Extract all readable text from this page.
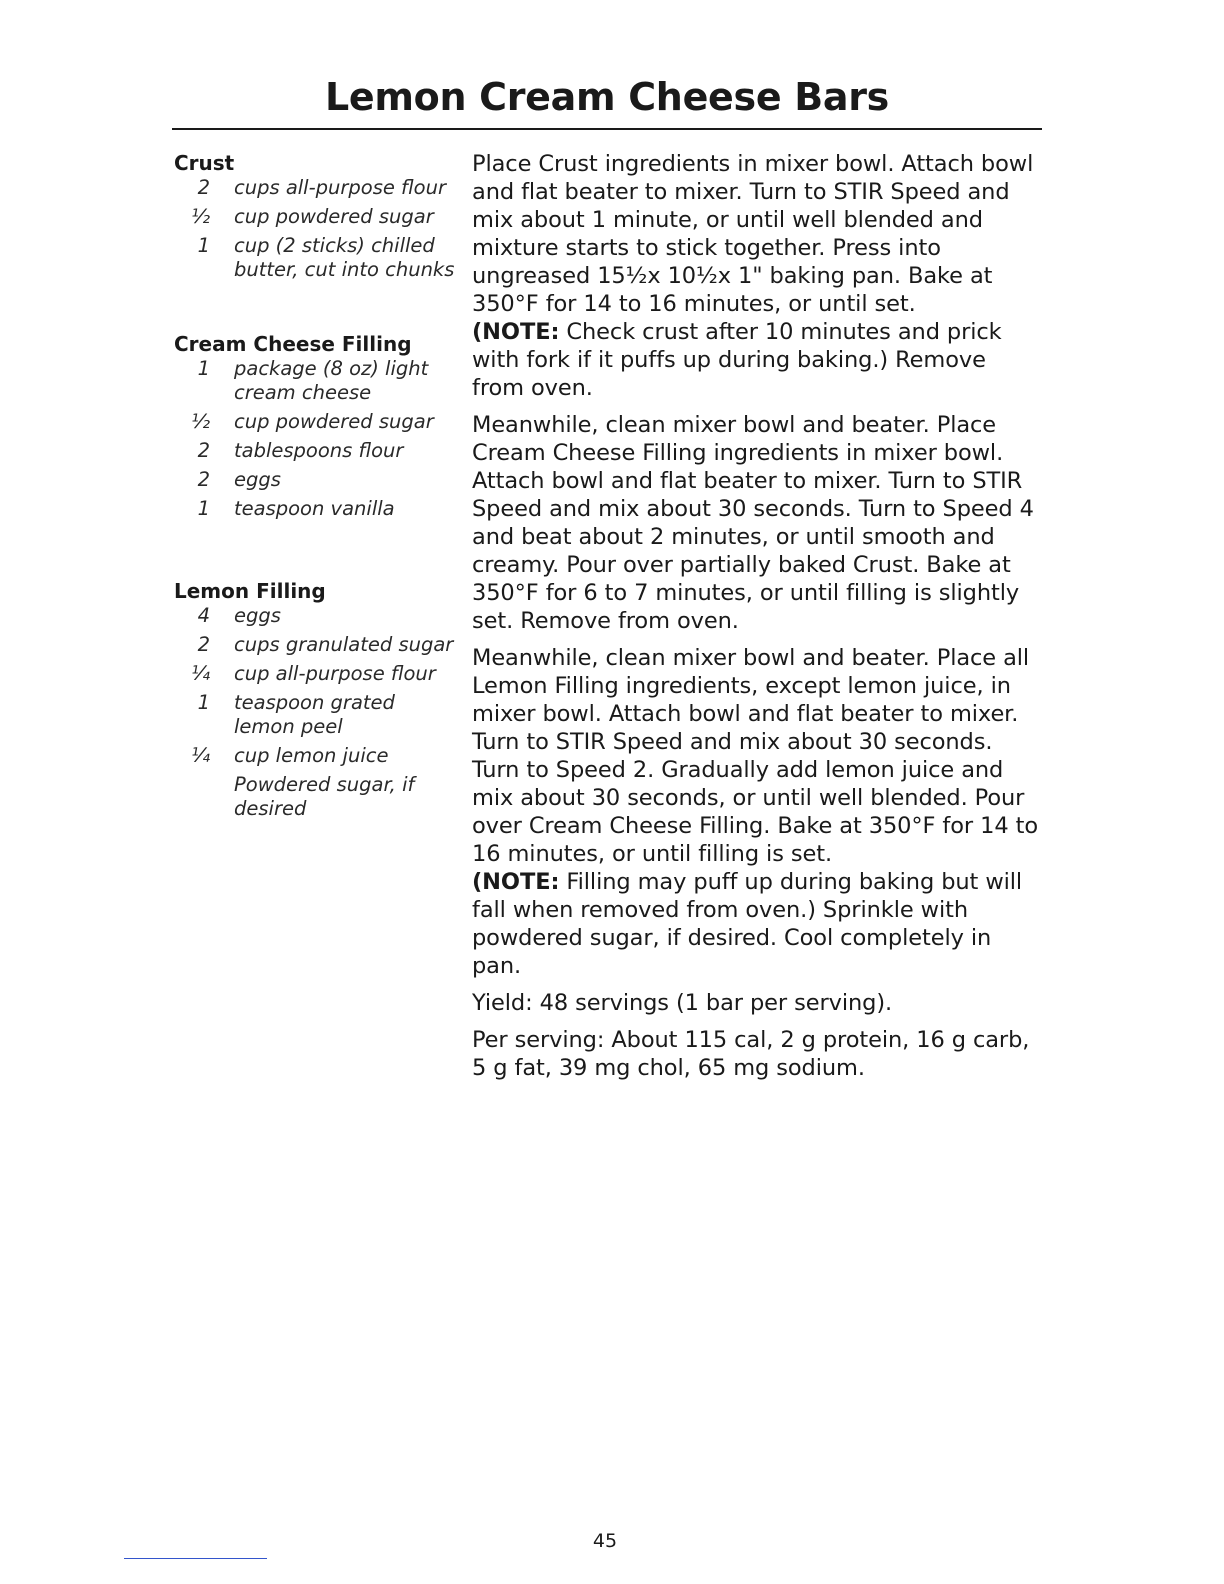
Lemon Cream Cheese Bars
Crust
2	cups all-purpose flour
½	cup powdered sugar
1	cup (2 sticks) chilled butter, cut into chunks
Cream Cheese Filling
1	package (8 oz) light cream cheese
½	cup powdered sugar
2	tablespoons flour
2	eggs
1	teaspoon vanilla
Lemon Filling
4	eggs
2	cups granulated sugar
¼	cup all-purpose flour
1	teaspoon grated lemon peel
¼	cup lemon juice
Powdered sugar, if desired

Place Crust ingredients in mixer bowl. Attach bowl and flat beater to mixer. Turn to STIR Speed and mix about 1 minute, or until well blended and mixture starts to stick together. Press into ungreased 15½x 10½x 1" baking pan. Bake at 350°F for 14 to 16 minutes, or until set.

(NOTE: Check crust after 10 minutes and prick with fork if it puffs up during baking.) Remove from oven.

Meanwhile, clean mixer bowl and beater. Place Cream Cheese Filling ingredients in mixer bowl. Attach bowl and flat beater to mixer. Turn to STIR Speed and mix about 30 seconds. Turn to Speed 4 and beat about 2 minutes, or until smooth and creamy. Pour over partially baked Crust. Bake at 350°F for 6 to 7 minutes, or until filling is slightly set. Remove from oven.

Meanwhile, clean mixer bowl and beater. Place all Lemon Filling ingredients, except lemon juice, in mixer bowl. Attach bowl and flat beater to mixer. Turn to STIR Speed and mix about 30 seconds. Turn to Speed 2. Gradually add lemon juice and mix about 30 seconds, or until well blended. Pour over Cream Cheese Filling. Bake at 350°F for 14 to 16 minutes, or until filling is set.

(NOTE: Filling may puff up during baking but will fall when removed from oven.) Sprinkle with powdered sugar, if desired. Cool completely in pan.

Yield: 48 servings (1 bar per serving).

Per serving: About 115 cal, 2 g protein, 16 g carb, 5 g fat, 39 mg chol, 65 mg sodium.

45
